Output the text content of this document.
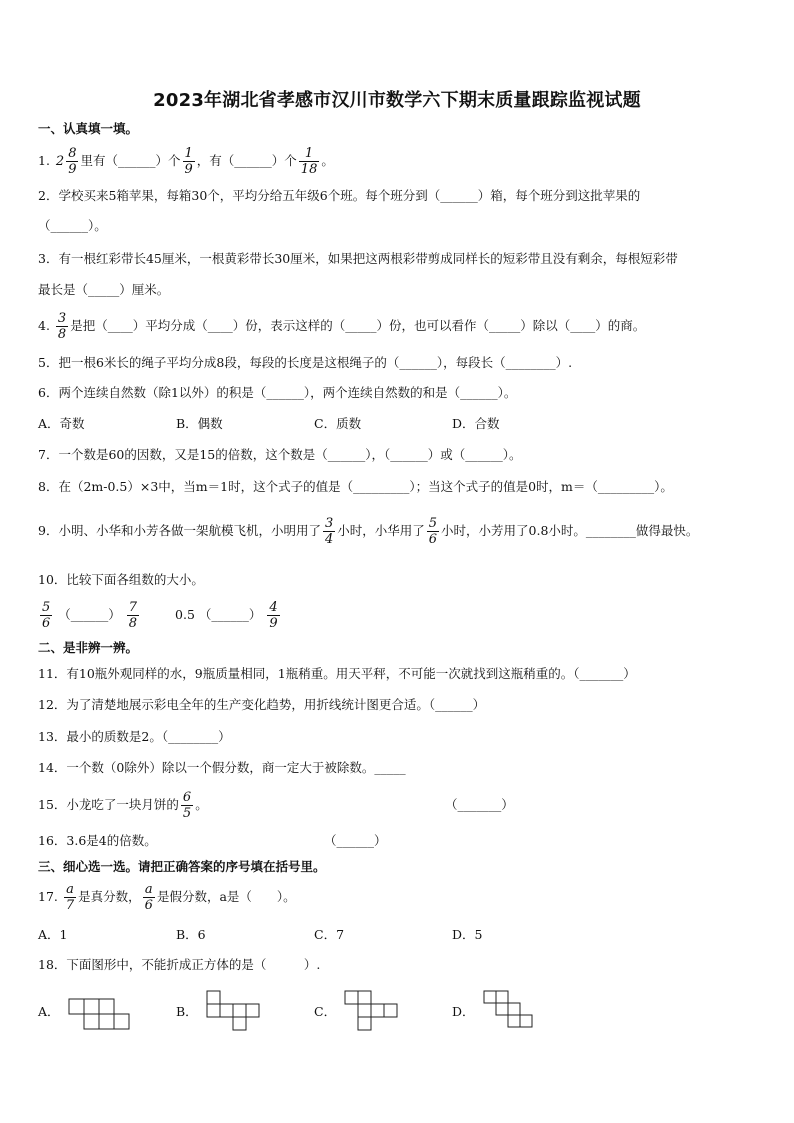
2023年湖北省孝感市汉川市数学六下期末质量跟踪监视试题
一、认真填一填。
1. $2 \frac{8}{9}$ 里有（______）个 $\frac{1}{9}$ ，有（______）个 $\frac{1}{18}$ 。
2．学校买来5箱苹果，每箱30个，平均分给五年级6个班。每个班分到（______）箱，每个班分到这批苹果的
（______）。
3．有一根红彩带长45厘米，一根黄彩带长30厘米，如果把这两根彩带剪成同样长的短彩带且没有剩余，每根短彩带
最长是（_____）厘米。
4. $\frac{3}{8}$ 是把（____）平均分成（____）份，表示这样的（_____）份，也可以看作（_____）除以（____）的商。
5．把一根6米长的绳子平均分成8段，每段的长度是这根绳子的（______），每段长（________）.
6．两个连续自然数（除1以外）的积是（______），两个连续自然数的和是（______）。
A．奇数	B．偶数	C．质数	D．合数
7．一个数是60的因数，又是15的倍数，这个数是（______），（______）或（______）。
8．在（2m-0.5）×3中，当m＝1时，这个式子的值是（_________）；当这个式子的值是0时，m＝（_________）。
9．小明、小华和小芳各做一架航模飞机，小明用了 $\frac{3}{4}$ 小时，小华用了 $\frac{5}{6}$ 小时，小芳用了0.8小时。________做得最快。
10．比较下面各组数的大小。
$\frac{5}{6}$ （______） $\frac{7}{8}$	0.5 （______） $\frac{4}{9}$
二、是非辨一辨。
11．有10瓶外观同样的水，9瓶质量相同，1瓶稍重。用天平秤，不可能一次就找到这瓶稍重的。（_______）
12．为了清楚地展示彩电全年的生产变化趋势，用折线统计图更合适。（______）
13．最小的质数是2。（________）
14．一个数（0除外）除以一个假分数，商一定大于被除数。_____
15．小龙吃了一块月饼的 $\frac{6}{5}$ 。	（_______）
16．3.6是4的倍数。	（______）
三、细心选一选。请把正确答案的序号填在括号里。
17. $\frac{a}{7}$ 是真分数， $\frac{a}{6}$ 是假分数，a是（　　）。
A．1	B．6	C．7	D．5
18．下面图形中，不能折成正方体的是（　　　）.
A．	B．	C．	D．
